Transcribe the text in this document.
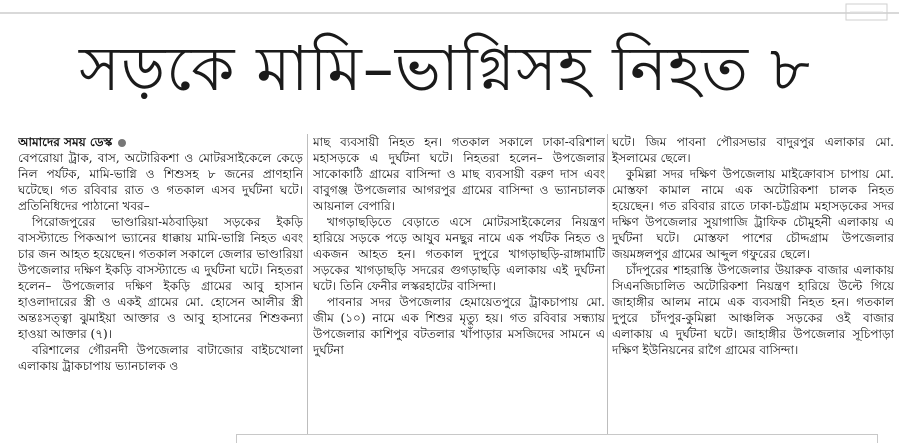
সড়কে মামি–ভাগ্নিসহ নিহত ৮

আমাদের সময় ডেস্ক

বেপরোয়া ট্রাক, বাস, অটোরিকশা ও মোটরসাইকেলে কেড়ে নিল পর্যটক, মামি-ভাগ্নি ও শিশুসহ ৮ জনের প্রাণহানি ঘটেছে। গত রবিবার রাত ও গতকাল এসব দুর্ঘটনা ঘটে। প্রতিনিধিদের পাঠানো খবর–

পিরোজপুরের ভাণ্ডারিয়া-মঠবাড়িয়া সড়কের ইকড়ি বাসস্ট্যান্ডে পিকআপ ভ্যানের ধাক্কায় মামি-ভাগ্নি নিহত এবং চার জন আহত হয়েছেন। গতকাল সকালে জেলার ভাণ্ডারিয়া উপজেলার দক্ষিণ ইকড়ি বাসস্ট্যান্ডে এ দুর্ঘটনা ঘটে। নিহতরা হলেন– উপজেলার দক্ষিণ ইকড়ি গ্রামের আবু হাসান হাওলাদারের স্ত্রী ও একই গ্রামের মো. হোসেন আলীর স্ত্রী অন্তঃসত্ত্বা ঝুমাইয়া আক্তার ও আবু হাসানের শিশুকন্যা হাওয়া আক্তার (৭)।

বরিশালের গৌরনদী উপজেলার বাটাজোর বাইচখোলা এলাকায় ট্রাকচাপায় ভ্যানচালক ও

মাছ ব্যবসায়ী নিহত হন। গতকাল সকালে ঢাকা-বরিশাল মহাসড়কে এ দুর্ঘটনা ঘটে। নিহতরা হলেন– উপজেলার সাকোকাঠি গ্রামের বাসিন্দা ও মাছ ব্যবসায়ী বরুণ দাস এবং বাবুগঞ্জ উপজেলার আগরপুর গ্রামের বাসিন্দা ও ভ্যানচালক আয়নাল বেপারি।

খাগড়াছড়িতে বেড়াতে এসে মোটরসাইকেলের নিয়ন্ত্রণ হারিয়ে সড়কে পড়ে আযুব মনছুর নামে এক পর্যটক নিহত ও একজন আহত হন। গতকাল দুপুরে খাগড়াছড়ি-রাঙ্গামাটি সড়কের খাগড়াছড়ি সদরের গুগড়াছড়ি এলাকায় এই দুর্ঘটনা ঘটে। তিনি ফেনীর লস্করহাটের বাসিন্দা।

পাবনার সদর উপজেলার হেমায়েতপুরে ট্রাকচাপায় মো. জীম (১০) নামে এক শিশুর মৃত্যু হয়। গত রবিবার সন্ধ্যায় উপজেলার কাশিপুর বটতলার খাঁপাড়ার মসজিদের সামনে এ দুর্ঘটনা

ঘটে। জিম পাবনা পৌরসভার বাদুরপুর এলাকার মো. ইসলামের ছেলে।

কুমিল্লা সদর দক্ষিণ উপজেলায় মাইক্রোবাস চাপায় মো. মোস্তফা কামাল নামে এক অটোরিকশা চালক নিহত হয়েছেন। গত রবিবার রাতে ঢাকা-চট্টগ্রাম মহাসড়কের সদর দক্ষিণ উপজেলার সুয়াগাজি ট্রাফিক চৌমুহনী এলাকায় এ দুর্ঘটনা ঘটে। মোস্তফা পাশের চৌদ্দগ্রাম উপজেলার জয়মঙ্গলপুর গ্রামের আব্দুল গফুরের ছেলে।

চাঁদপুরের শাহরাস্তি উপজেলার উয়ারুক বাজার এলাকায় সিএনজিচালিত অটোরিকশা নিয়ন্ত্রণ হারিয়ে উল্টে গিয়ে জাহাঙ্গীর আলম নামে এক ব্যবসায়ী নিহত হন। গতকাল দুপুরে চাঁদপুর-কুমিল্লা আঞ্চলিক সড়কের ওই বাজার এলাকায় এ দুর্ঘটনা ঘটে। জাহাঙ্গীর উপজেলার সূচিপাড়া দক্ষিণ ইউনিয়নের রাগৈ গ্রামের বাসিন্দা।
